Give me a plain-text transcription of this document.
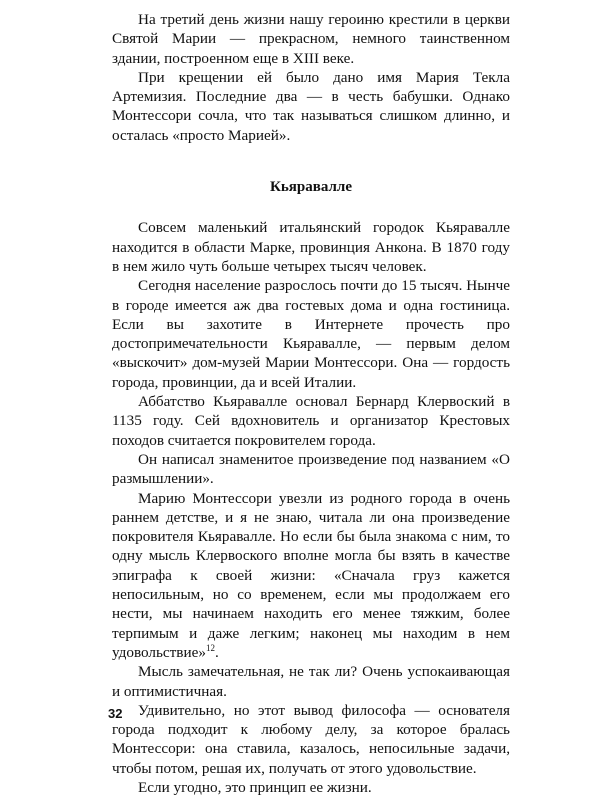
На третий день жизни нашу героиню крестили в церкви Святой Марии — прекрасном, немного таинственном здании, построенном еще в XIII веке.

При крещении ей было дано имя Мария Текла Артемизия. Последние два — в честь бабушки. Однако Монтессори сочла, что так называться слишком длинно, и осталась «просто Марией».

Кьяравалле

Совсем маленький итальянский городок Кьяравалле находится в области Марке, провинция Анкона. В 1870 году в нем жило чуть больше четырех тысяч человек.

Сегодня население разрослось почти до 15 тысяч. Нынче в городе имеется аж два гостевых дома и одна гостиница. Если вы захотите в Интернете прочесть про достопримечательности Кьяравалле, — первым делом «выскочит» дом-музей Марии Монтессори. Она — гордость города, провинции, да и всей Италии.

Аббатство Кьяравалле основал Бернард Клервоский в 1135 году. Сей вдохновитель и организатор Крестовых походов считается покровителем города.

Он написал знаменитое произведение под названием «О размышлении».

Марию Монтессори увезли из родного города в очень раннем детстве, и я не знаю, читала ли она произведение покровителя Кьяравалле. Но если бы была знакома с ним, то одну мысль Клервоского вполне могла бы взять в качестве эпиграфа к своей жизни: «Сначала груз кажется непосильным, но со временем, если мы продолжаем его нести, мы начинаем находить его менее тяжким, более терпимым и даже легким; наконец мы находим в нем удовольствие»$^{12}$.

Мысль замечательная, не так ли? Очень успокаивающая и оптимистичная.

Удивительно, но этот вывод философа — основателя города подходит к любому делу, за которое бралась Монтессори: она ставила, казалось, непосильные задачи, чтобы потом, решая их, получать от этого удовольствие.

Если угодно, это принцип ее жизни.

32
